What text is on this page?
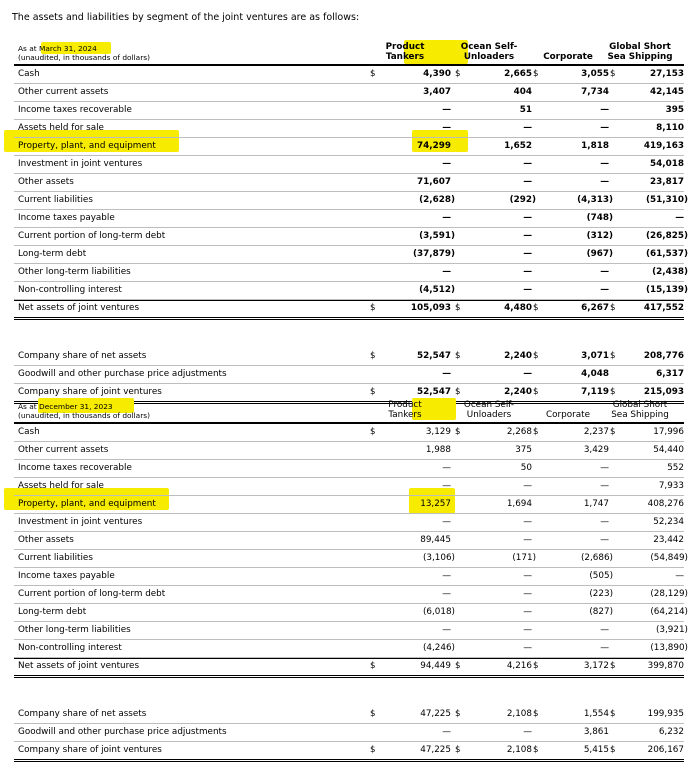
The assets and liabilities by segment of the joint ventures are as follows:
As at March 31, 2024
(unaudited, in thousands of dollars)
Product
Tankers
Ocean Self-
Unloaders	Corporate
Global Short
Sea Shipping
Cash	$	4,390 $	2,665 $	3,055 $	27,153
Other current assets	3,407	404	7,734	42,145
Income taxes recoverable	—	51	—	395
Assets held for sale	—	—	—	8,110
Property, plant, and equipment	74,299	1,652	1,818	419,163
Investment in joint ventures	—	—	—	54,018
Other assets	71,607	—	—	23,817
Current liabilities	(2,628)	(292)	(4,313)	(51,310)
Income taxes payable	—	—	(748)	—
Current portion of long-term debt	(3,591)	—	(312)	(26,825)
Long-term debt	(37,879)	—	(967)	(61,537)
Other long-term liabilities	—	—	—	(2,438)
Non-controlling interest	(4,512)	—	—	(15,139)
Net assets of joint ventures	$	105,093 $	4,480 $	6,267 $	417,552
Company share of net assets	$	52,547 $	2,240 $	3,071 $	208,776
Goodwill and other purchase price adjustments	—	—	4,048	6,317
Company share of joint ventures	$	52,547 $	2,240 $	7,119 $	215,093
As at December 31, 2023
(unaudited, in thousands of dollars)
Product
Tankers
Ocean Self-
Unloaders	Corporate
Global Short
Sea Shipping
Cash	$	3,129 $	2,268 $	2,237 $	17,996
Other current assets	1,988	375	3,429	54,440
Income taxes recoverable	—	50	—	552
Assets held for sale	—	—	—	7,933
Property, plant, and equipment	13,257	1,694	1,747	408,276
Investment in joint ventures	—	—	—	52,234
Other assets	89,445	—	—	23,442
Current liabilities	(3,106)	(171)	(2,686)	(54,849)
Income taxes payable	—	—	(505)	—
Current portion of long-term debt	—	—	(223)	(28,129)
Long-term debt	(6,018)	—	(827)	(64,214)
Other long-term liabilities	—	—	—	(3,921)
Non-controlling interest	(4,246)	—	—	(13,890)
Net assets of joint ventures	$	94,449 $	4,216 $	3,172 $	399,870
Company share of net assets	$	47,225 $	2,108 $	1,554 $	199,935
Goodwill and other purchase price adjustments	—	—	3,861	6,232
Company share of joint ventures	$	47,225 $	2,108 $	5,415 $	206,167
